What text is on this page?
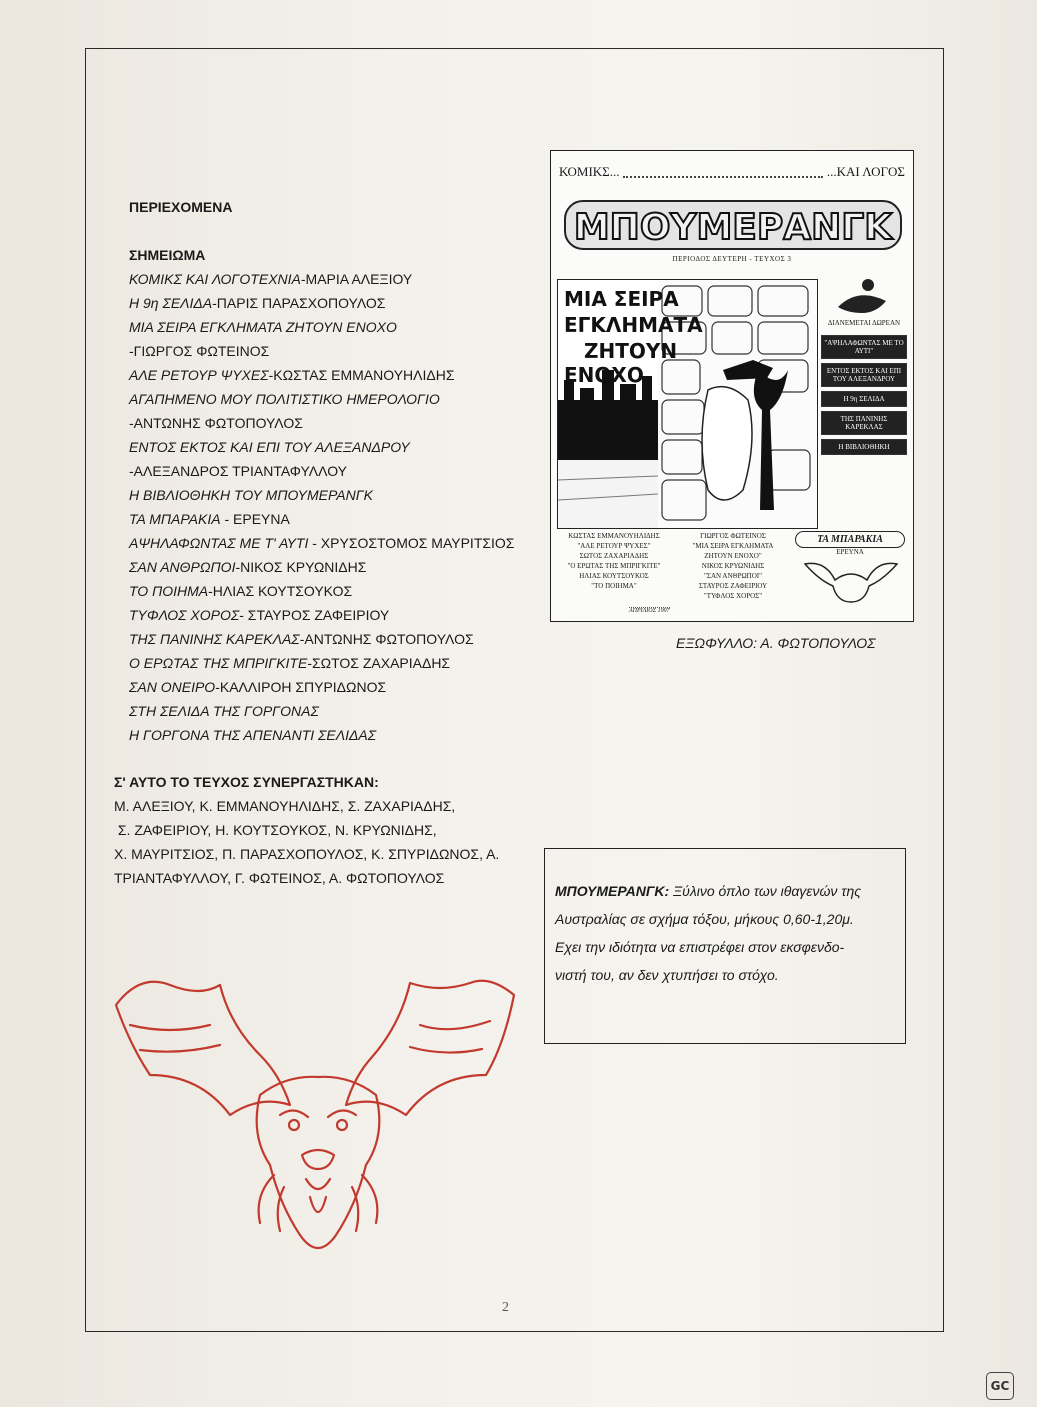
ΠΕΡΙΕΧΟΜΕΝΑ
ΣΗΜΕΙΩΜΑ
ΚΟΜΙΚΣ ΚΑΙ ΛΟΓΟΤΕΧΝΙΑ-ΜΑΡΙΑ ΑΛΕΞΙΟΥ
Η 9η ΣΕΛΙΔΑ-ΠΑΡΙΣ ΠΑΡΑΣΧΟΠΟΥΛΟΣ
ΜΙΑ ΣΕΙΡΑ ΕΓΚΛΗΜΑΤΑ ΖΗΤΟΥΝ ΕΝΟΧΟ
-ΓΙΩΡΓΟΣ ΦΩΤΕΙΝΟΣ
ΑΛΕ ΡΕΤΟΥΡ ΨΥΧΕΣ-ΚΩΣΤΑΣ ΕΜΜΑΝΟΥΗΛΙΔΗΣ
ΑΓΑΠΗΜΕΝΟ ΜΟΥ ΠΟΛΙΤΙΣΤΙΚΟ ΗΜΕΡΟΛΟΓΙΟ
-ΑΝΤΩΝΗΣ ΦΩΤΟΠΟΥΛΟΣ
ΕΝΤΟΣ ΕΚΤΟΣ ΚΑΙ ΕΠΙ ΤΟΥ ΑΛΕΞΑΝΔΡΟΥ
-ΑΛΕΞΑΝΔΡΟΣ ΤΡΙΑΝΤΑΦΥΛΛΟΥ
Η ΒΙΒΛΙΟΘΗΚΗ ΤΟΥ ΜΠΟΥΜΕΡΑΝΓΚ
ΤΑ ΜΠΑΡΑΚΙΑ - ΕΡΕΥΝΑ
ΑΨΗΛΑΦΩΝΤΑΣ ΜΕ Τ' ΑΥΤΙ - ΧΡΥΣΟΣΤΟΜΟΣ ΜΑΥΡΙΤΣΙΟΣ
ΣΑΝ ΑΝΘΡΩΠΟΙ-ΝΙΚΟΣ ΚΡΥΩΝΙΔΗΣ
ΤΟ ΠΟΙΗΜΑ-ΗΛΙΑΣ ΚΟΥΤΣΟΥΚΟΣ
ΤΥΦΛΟΣ ΧΟΡΟΣ- ΣΤΑΥΡΟΣ ΖΑΦΕΙΡΙΟΥ
ΤΗΣ ΠΑΝΙΝΗΣ ΚΑΡΕΚΛΑΣ-ΑΝΤΩΝΗΣ ΦΩΤΟΠΟΥΛΟΣ
Ο ΕΡΩΤΑΣ ΤΗΣ ΜΠΡΙΓΚΙΤΕ-ΣΩΤΟΣ ΖΑΧΑΡΙΑΔΗΣ
ΣΑΝ ΟΝΕΙΡΟ-ΚΑΛΛΙΡΟΗ ΣΠΥΡΙΔΩΝΟΣ
ΣΤΗ ΣΕΛΙΔΑ ΤΗΣ ΓΟΡΓΟΝΑΣ
Η ΓΟΡΓΟΝΑ ΤΗΣ ΑΠΕΝΑΝΤΙ ΣΕΛΙΔΑΣ
ΚΟΜΙΚΣ...	...ΚΑΙ ΛΟΓΟΣ
ΜΠΟΥΜΕΡΑΝΓΚ
ΠΕΡΙΟΔΟΣ ΔΕΥΤΕΡΗ - ΤΕΥΧΟΣ 3
ΜΙΑ ΣΕΙΡΑ
ΕΓΚΛΗΜΑΤΑ
ΖΗΤΟΥΝ
ΕΝΟΧΟ
ΔΙΑΝΕΜΕΤΑΙ ΔΩΡΕΑΝ
"ΑΨΗΛΑΦΩΝΤΑΣ ΜΕ ΤΟ ΑΥΤΙ"
ΕΝΤΟΣ ΕΚΤΟΣ ΚΑΙ ΕΠΙ ΤΟΥ ΑΛΕΞΑΝΔΡΟΥ
Η 9η ΣΕΛΙΔΑ
ΤΗΣ ΠΑΝΙΝΗΣ ΚΑΡΕΚΛΑΣ
Η ΒΙΒΛΙΟΘΗΚΗ
ΚΩΣΤΑΣ ΕΜΜΑΝΟΥΗΛΙΔΗΣ
"ΑΛΕ ΡΕΤΟΥΡ ΨΥΧΕΣ"
ΣΩΤΟΣ ΖΑΧΑΡΙΑΔΗΣ
"Ο ΕΡΩΤΑΣ ΤΗΣ ΜΠΡΙΓΚΙΤΕ"
ΗΛΙΑΣ ΚΟΥΤΣΟΥΚΟΣ
"ΤΟ ΠΟΙΗΜΑ"
ΓΙΩΡΓΟΣ ΦΩΤΕΙΝΟΣ
"ΜΙΑ ΣΕΙΡΑ ΕΓΚΛΗΜΑΤΑ
ΖΗΤΟΥΝ ΕΝΟΧΟ"
ΝΙΚΟΣ ΚΡΥΩΝΙΔΗΣ
"ΣΑΝ ΑΝΘΡΩΠΟΙ"
ΣΤΑΥΡΟΣ ΖΑΦΕΙΡΙΟΥ
"ΤΥΦΛΟΣ ΧΟΡΟΣ"
ΤΑ ΜΠΑΡΑΚΙΑ
ΕΡΕΥΝΑ
ΑΠΡΙΛΙΟΣ 1997
ΕΞΩΦΥΛΛΟ: Α. ΦΩΤΟΠΟΥΛΟΣ
Σ' ΑΥΤΟ ΤΟ ΤΕΥΧΟΣ ΣΥΝΕΡΓΑΣΤΗΚΑΝ:
Μ. ΑΛΕΞΙΟΥ, Κ. ΕΜΜΑΝΟΥΗΛΙΔΗΣ, Σ. ΖΑΧΑΡΙΑΔΗΣ,
Σ. ΖΑΦΕΙΡΙΟΥ, Η. ΚΟΥΤΣΟΥΚΟΣ, Ν. ΚΡΥΩΝΙΔΗΣ,
Χ. ΜΑΥΡΙΤΣΙΟΣ, Π. ΠΑΡΑΣΧΟΠΟΥΛΟΣ, Κ. ΣΠΥΡΙΔΩΝΟΣ, Α.
ΤΡΙΑΝΤΑΦΥΛΛΟΥ, Γ. ΦΩΤΕΙΝΟΣ, Α. ΦΩΤΟΠΟΥΛΟΣ
ΜΠΟΥΜΕΡΑΝΓΚ: Ξύλινο όπλο των ιθαγενών της
Αυστραλίας σε σχήμα τόξου, μήκους 0,60-1,20μ.
Εχει την ιδιότητα να επιστρέφει στον εκσφενδο-
νιστή του, αν δεν χτυπήσει το στόχο.
2
GC
